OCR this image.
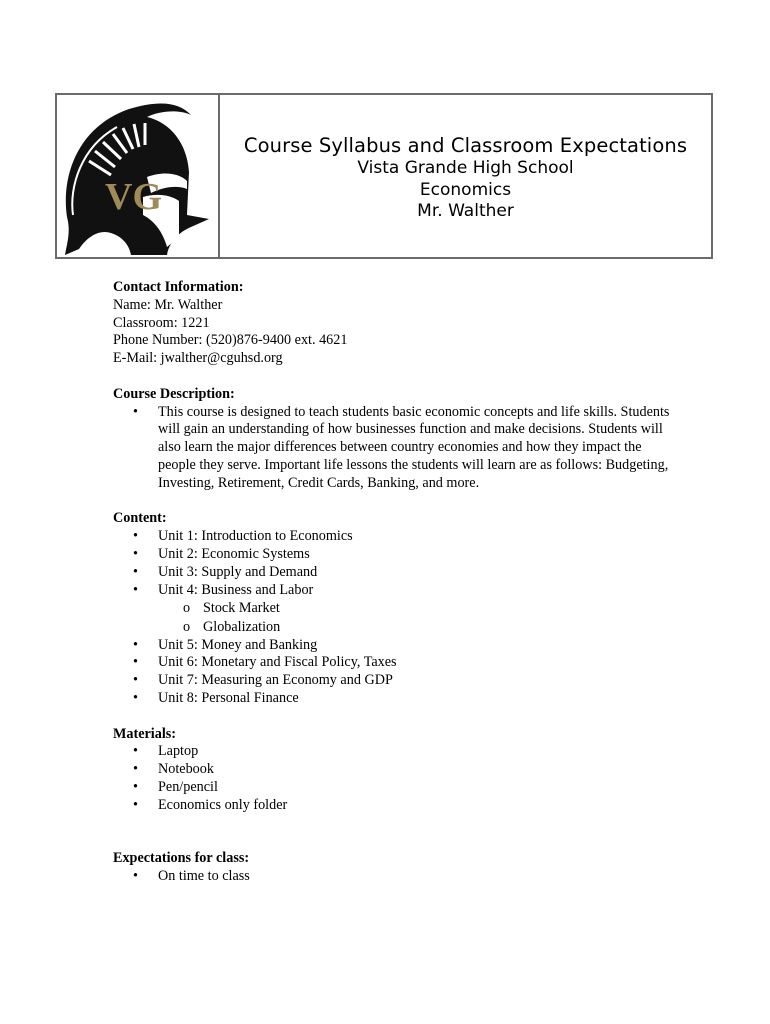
VG
Course Syllabus and Classroom Expectations
Vista Grande High School
Economics
Mr. Walther
Contact Information:
Name: Mr. Walther
Classroom: 1221
Phone Number: (520)876-9400 ext. 4621
E-Mail: jwalther@cguhsd.org
Course Description:
• This course is designed to teach students basic economic concepts and life skills. Students will gain an understanding of how businesses function and make decisions. Students will also learn the major differences between country economies and how they impact the people they serve. Important life lessons the students will learn are as follows: Budgeting, Investing, Retirement, Credit Cards, Banking, and more.
Content:
• Unit 1: Introduction to Economics
• Unit 2: Economic Systems
• Unit 3: Supply and Demand
• Unit 4: Business and Labor
o Stock Market
o Globalization
• Unit 5: Money and Banking
• Unit 6: Monetary and Fiscal Policy, Taxes
• Unit 7: Measuring an Economy and GDP
• Unit 8: Personal Finance
Materials:
• Laptop
• Notebook
• Pen/pencil
• Economics only folder
Expectations for class:
• On time to class
